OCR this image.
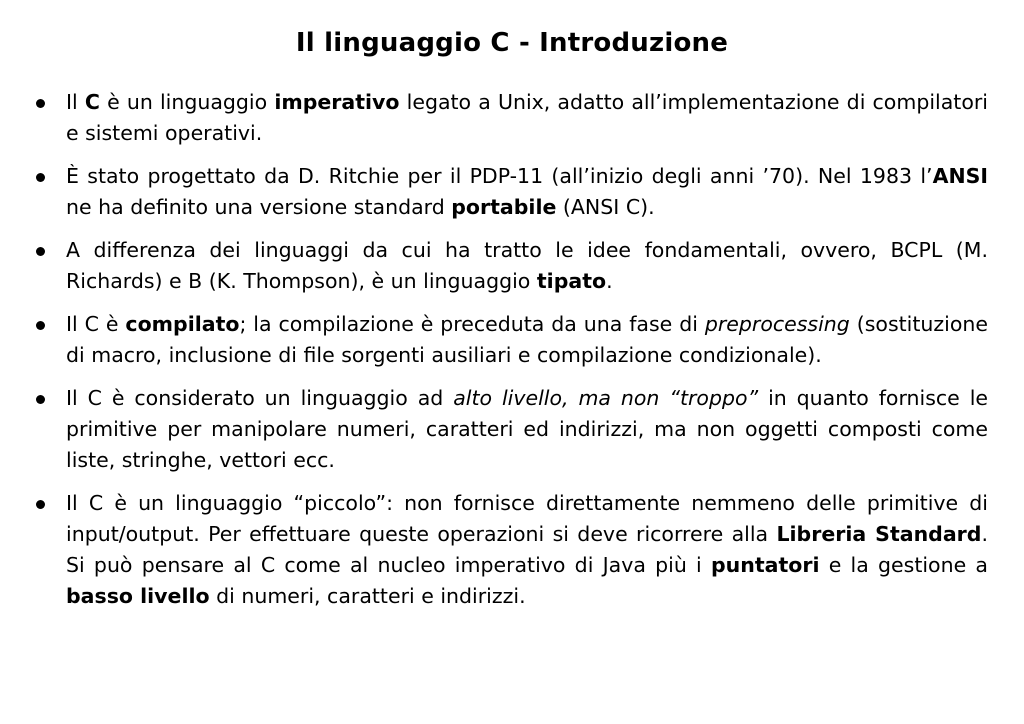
Il linguaggio C - Introduzione
Il C è un linguaggio imperativo legato a Unix, adatto all’implementazione di compilatori e sistemi operativi.
È stato progettato da D. Ritchie per il PDP-11 (all’inizio degli anni ’70). Nel 1983 l’ANSI ne ha definito una versione standard portabile (ANSI C).
A differenza dei linguaggi da cui ha tratto le idee fondamentali, ovvero, BCPL (M. Richards) e B (K. Thompson), è un linguaggio tipato.
Il C è compilato; la compilazione è preceduta da una fase di preprocessing (sostituzione di macro, inclusione di file sorgenti ausiliari e compilazione condizionale).
Il C è considerato un linguaggio ad alto livello, ma non “troppo” in quanto fornisce le primitive per manipolare numeri, caratteri ed indirizzi, ma non oggetti composti come liste, stringhe, vettori ecc.
Il C è un linguaggio “piccolo”: non fornisce direttamente nemmeno delle primitive di input/output. Per effettuare queste operazioni si deve ricorrere alla Libreria Standard. Si può pensare al C come al nucleo imperativo di Java più i puntatori e la gestione a basso livello di numeri, caratteri e indirizzi.
